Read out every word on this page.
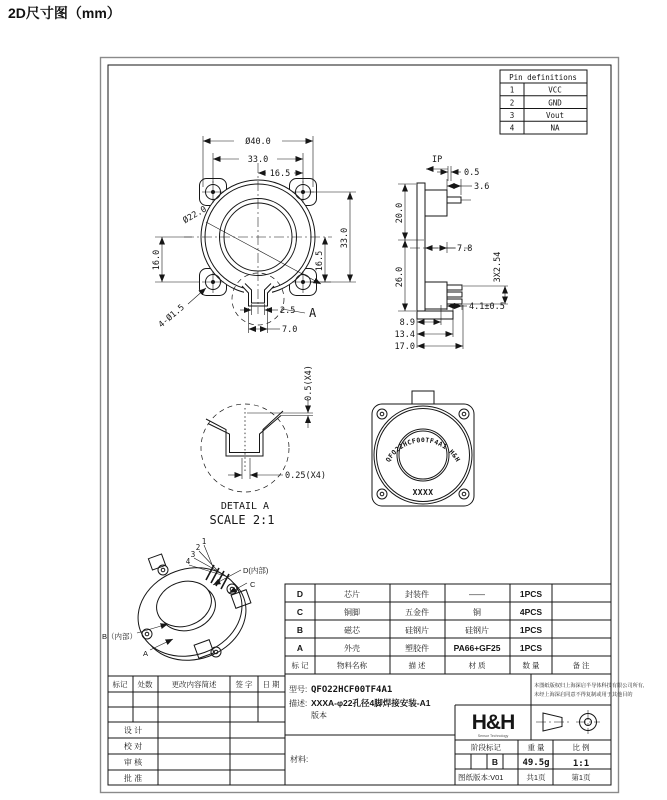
2D尺寸图（mm）
Pin definitions
1	VCC
2	GND
3	Vout
4	NA
A
Ø40.0
33.0
16.5
Ø22.0
16.0
4-Ø1.5
16.5
33.0
2.5
7.0
IP
0.5
3.6
20.0
26.0
7.8
3X2.54
4.1±0.5
8.9
13.4
17.0
0.5(X4)
0.25(X4)
DETAIL A
SCALE 2:1
QFO22HCF00TF4A1 H&H
XXXX
1
2
3
4
D(内部)
C
B（内部）
A
D	芯片	封装件	——	1PCS
C	铜脚	五金件	铜	4PCS
B	磁芯	硅钢片	硅钢片	1PCS
A	外壳	塑胶件	PA66+GF25 1PCS
标 记	物料名称	描 述	材 质	数 量	备 注
标记 处数	更改内容简述	签 字 日 期
设 计
校 对
审 核
批 准
型号: QFO22HCF00TF4A1
描述: XXXA-φ22孔径4脚焊接安装-A1
版本
材料:
本图纸版权归上海深启半导体科技有限公司所有,
未经上海深启同意不得复制或用于其他目的
H&H
Sensor Technology
阶段标记	重 量	比 例
B	49.5g	1:1
图纸版本:V01	共1页	第1页
